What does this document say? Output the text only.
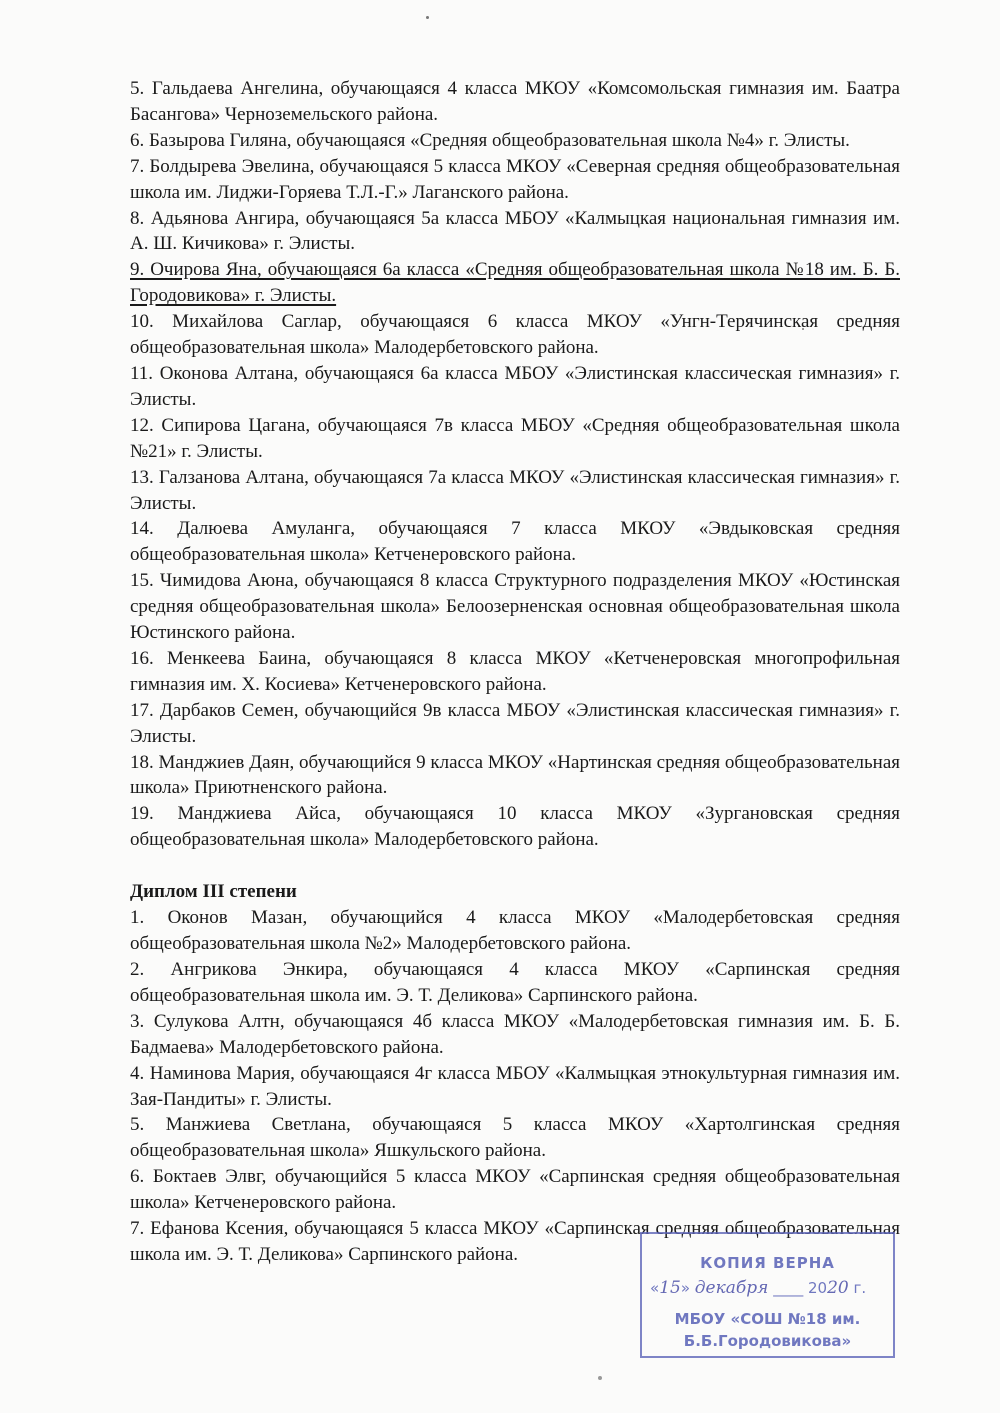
5. Гальдаева Ангелина, обучающаяся 4 класса МКОУ «Комсомольская гимназия им. Баатра Басангова» Черноземельского района.
6. Базырова Гиляна, обучающаяся «Средняя общеобразовательная школа №4» г. Элисты.
7. Болдырева Эвелина, обучающаяся 5 класса МКОУ «Северная средняя общеобразовательная школа им. Лиджи-Горяева Т.Л.-Г.» Лаганского района.
8. Адьянова Ангира, обучающаяся 5а класса МБОУ «Калмыцкая национальная гимназия им. А. Ш. Кичикова» г. Элисты.
9. Очирова Яна, обучающаяся 6а класса «Средняя общеобразовательная школа №18 им. Б. Б. Городовикова» г. Элисты.
10. Михайлова Саглар, обучающаяся 6 класса МКОУ «Унгн-Терячинская средняя общеобразовательная школа» Малодербетовского района.
11. Оконова Алтана, обучающаяся 6а класса МБОУ «Элистинская классическая гимназия» г. Элисты.
12. Сипирова Цагана, обучающаяся 7в класса МБОУ «Средняя общеобразовательная школа №21» г. Элисты.
13. Галзанова Алтана, обучающаяся 7а класса МКОУ «Элистинская классическая гимназия» г. Элисты.
14. Далюева Амуланга, обучающаяся 7 класса МКОУ «Эвдыковская средняя общеобразовательная школа» Кетченеровского района.
15. Чимидова Аюна, обучающаяся 8 класса Структурного подразделения МКОУ «Юстинская средняя общеобразовательная школа» Белоозерненская основная общеобразовательная школа Юстинского района.
16. Менкеева Баина, обучающаяся 8 класса МКОУ «Кетченеровская многопрофильная гимназия им. Х. Косиева» Кетченеровского района.
17. Дарбаков Семен, обучающийся 9в класса МБОУ «Элистинская классическая гимназия» г. Элисты.
18. Манджиев Даян, обучающийся 9 класса МКОУ «Нартинская средняя общеобразовательная школа» Приютненского района.
19. Манджиева Айса, обучающаяся 10 класса МКОУ «Зургановская средняя общеобразовательная школа» Малодербетовского района.
Диплом III степени
1. Оконов Мазан, обучающийся 4 класса МКОУ «Малодербетовская средняя общеобразовательная школа №2» Малодербетовского района.
2. Ангрикова Энкира, обучающаяся 4 класса МКОУ «Сарпинская средняя общеобразовательная школа им. Э. Т. Деликова» Сарпинского района.
3. Сулукова Алтн, обучающаяся 4б класса МКОУ «Малодербетовская гимназия им. Б. Б. Бадмаева» Малодербетовского района.
4. Наминова Мария, обучающаяся 4г класса МБОУ «Калмыцкая этнокультурная гимназия им. Зая-Пандиты» г. Элисты.
5. Манжиева Светлана, обучающаяся 5 класса МКОУ «Хартолгинская средняя общеобразовательная школа» Яшкульского района.
6. Боктаев Элвг, обучающийся 5 класса МКОУ «Сарпинская средняя общеобразовательная школа» Кетченеровского района.
7. Ефанова Ксения, обучающаяся 5 класса МКОУ «Сарпинская средняя общеобразовательная школа им. Э. Т. Деликова» Сарпинского района.	КОПИЯ ВЕРНА
«15» декабря ____ 2020 г.
МБОУ «СОШ №18 им.
Б.Б.Городовикова»
